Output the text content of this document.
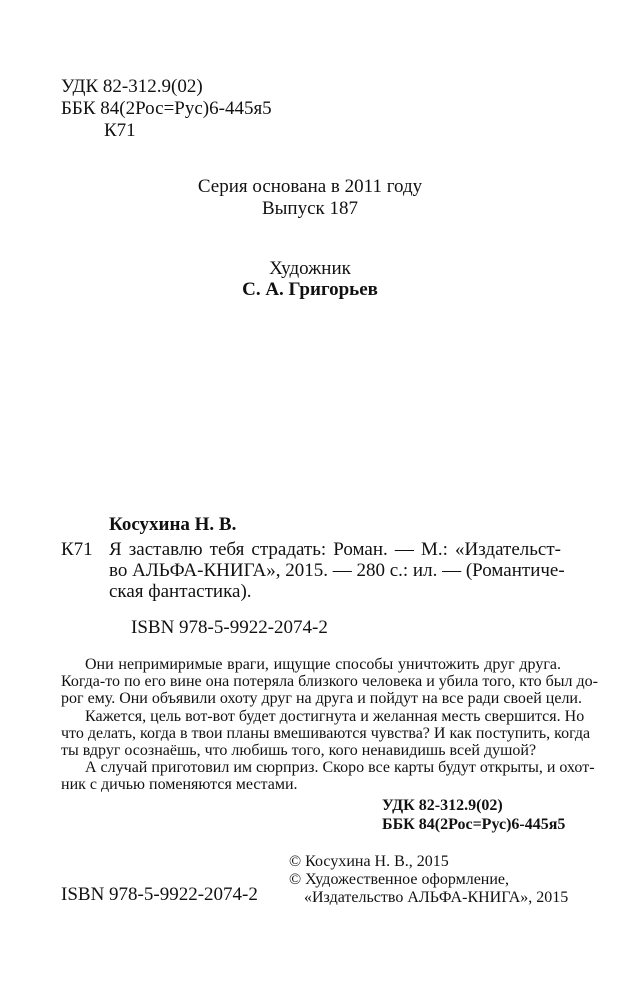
УДК 82-312.9(02)
ББК 84(2Рос=Рус)6-445я5
К71
Серия основана в 2011 году
Выпуск 187
Художник
С. А. Григорьев
Косухина Н. В.
К71 Я заставлю тебя страдать: Роман. — М.: «Издательст-
во АЛЬФА-КНИГА», 2015. — 280 с.: ил. — (Романтиче-
ская фантастика).
ISBN 978-5-9922-2074-2
Они непримиримые враги, ищущие способы уничтожить друг друга.
Когда-то по его вине она потеряла близкого человека и убила того, кто был до-
рог ему. Они объявили охоту друг на друга и пойдут на все ради своей цели.
Кажется, цель вот-вот будет достигнута и желанная месть свершится. Но
что делать, когда в твои планы вмешиваются чувства? И как поступить, когда
ты вдруг осознаёшь, что любишь того, кого ненавидишь всей душой?
А случай приготовил им сюрприз. Скоро все карты будут открыты, и охот-
ник с дичью поменяются местами.
УДК 82-312.9(02)
ББК 84(2Рос=Рус)6-445я5
© Косухина Н. В., 2015
© Художественное оформление,
«Издательство АЛЬФА-КНИГА», 2015
ISBN 978-5-9922-2074-2
